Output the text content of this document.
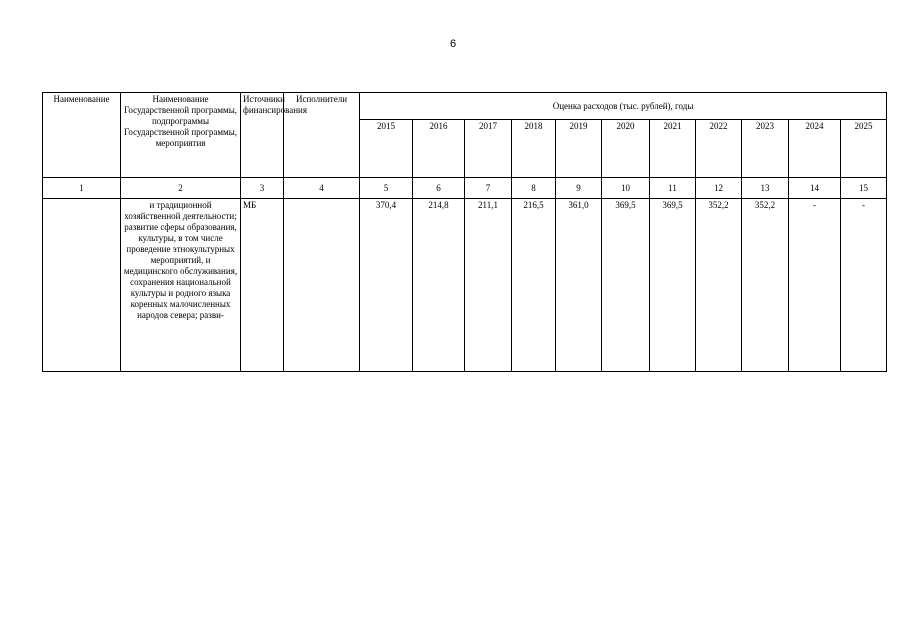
6
Наименование	Наименование Государственной программы, подпрограммы Государственной программы, мероприятия	Источники финансирования	Исполнители	Оценка расходов (тыс. рублей), годы										
				2015	2016	2017	2018	2019	2020	2021	2022	2023	2024	2025
1	2	3	4	5	6	7	8	9	10	11	12	13	14	15
	и традиционной хозяйственной деятельности; развитие сферы образования, культуры, в том числе проведение этнокультурных мероприятий, и медицинского обслуживания, сохранения национальной культуры и родного языка коренных малочисленных народов севера; разви-	МБ		370,4	214,8	211,1	216,5	361,0	369,5	369,5	352,2	352,2	-	-
